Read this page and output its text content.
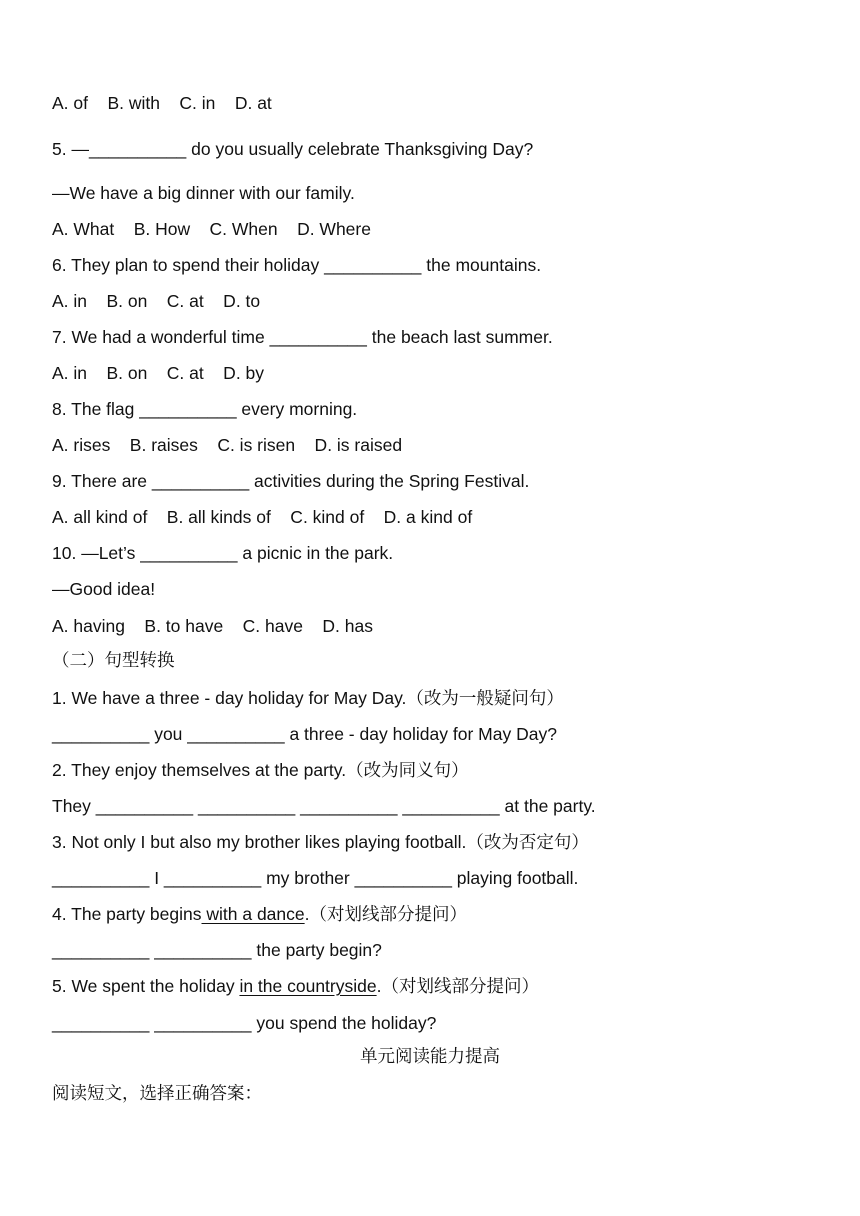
A. of    B. with    C. in    D. at

5. —__________ do you usually celebrate Thanksgiving Day?

—We have a big dinner with our family.

A. What    B. How    C. When    D. Where

6. They plan to spend their holiday __________ the mountains.

A. in    B. on    C. at    D. to

7. We had a wonderful time __________ the beach last summer.

A. in    B. on    C. at    D. by

8. The flag __________ every morning.

A. rises    B. raises    C. is risen    D. is raised

9. There are __________ activities during the Spring Festival.

A. all kind of    B. all kinds of    C. kind of    D. a kind of

10. —Let’s __________ a picnic in the park.

—Good idea!

A. having    B. to have    C. have    D. has

（二）句型转换

1. We have a three - day holiday for May Day.（改为一般疑问句）

__________ you __________ a three - day holiday for May Day?

2. They enjoy themselves at the party.（改为同义句）

They __________ __________ __________ __________ at the party.

3. Not only I but also my brother likes playing football.（改为否定句）

__________ I __________ my brother __________ playing football.

4. The party begins with a dance.（对划线部分提问）

__________ __________ the party begin?

5. We spent the holiday in the countryside.（对划线部分提问）

__________ __________ you spend the holiday?

单元阅读能力提高

阅读短文，选择正确答案：
